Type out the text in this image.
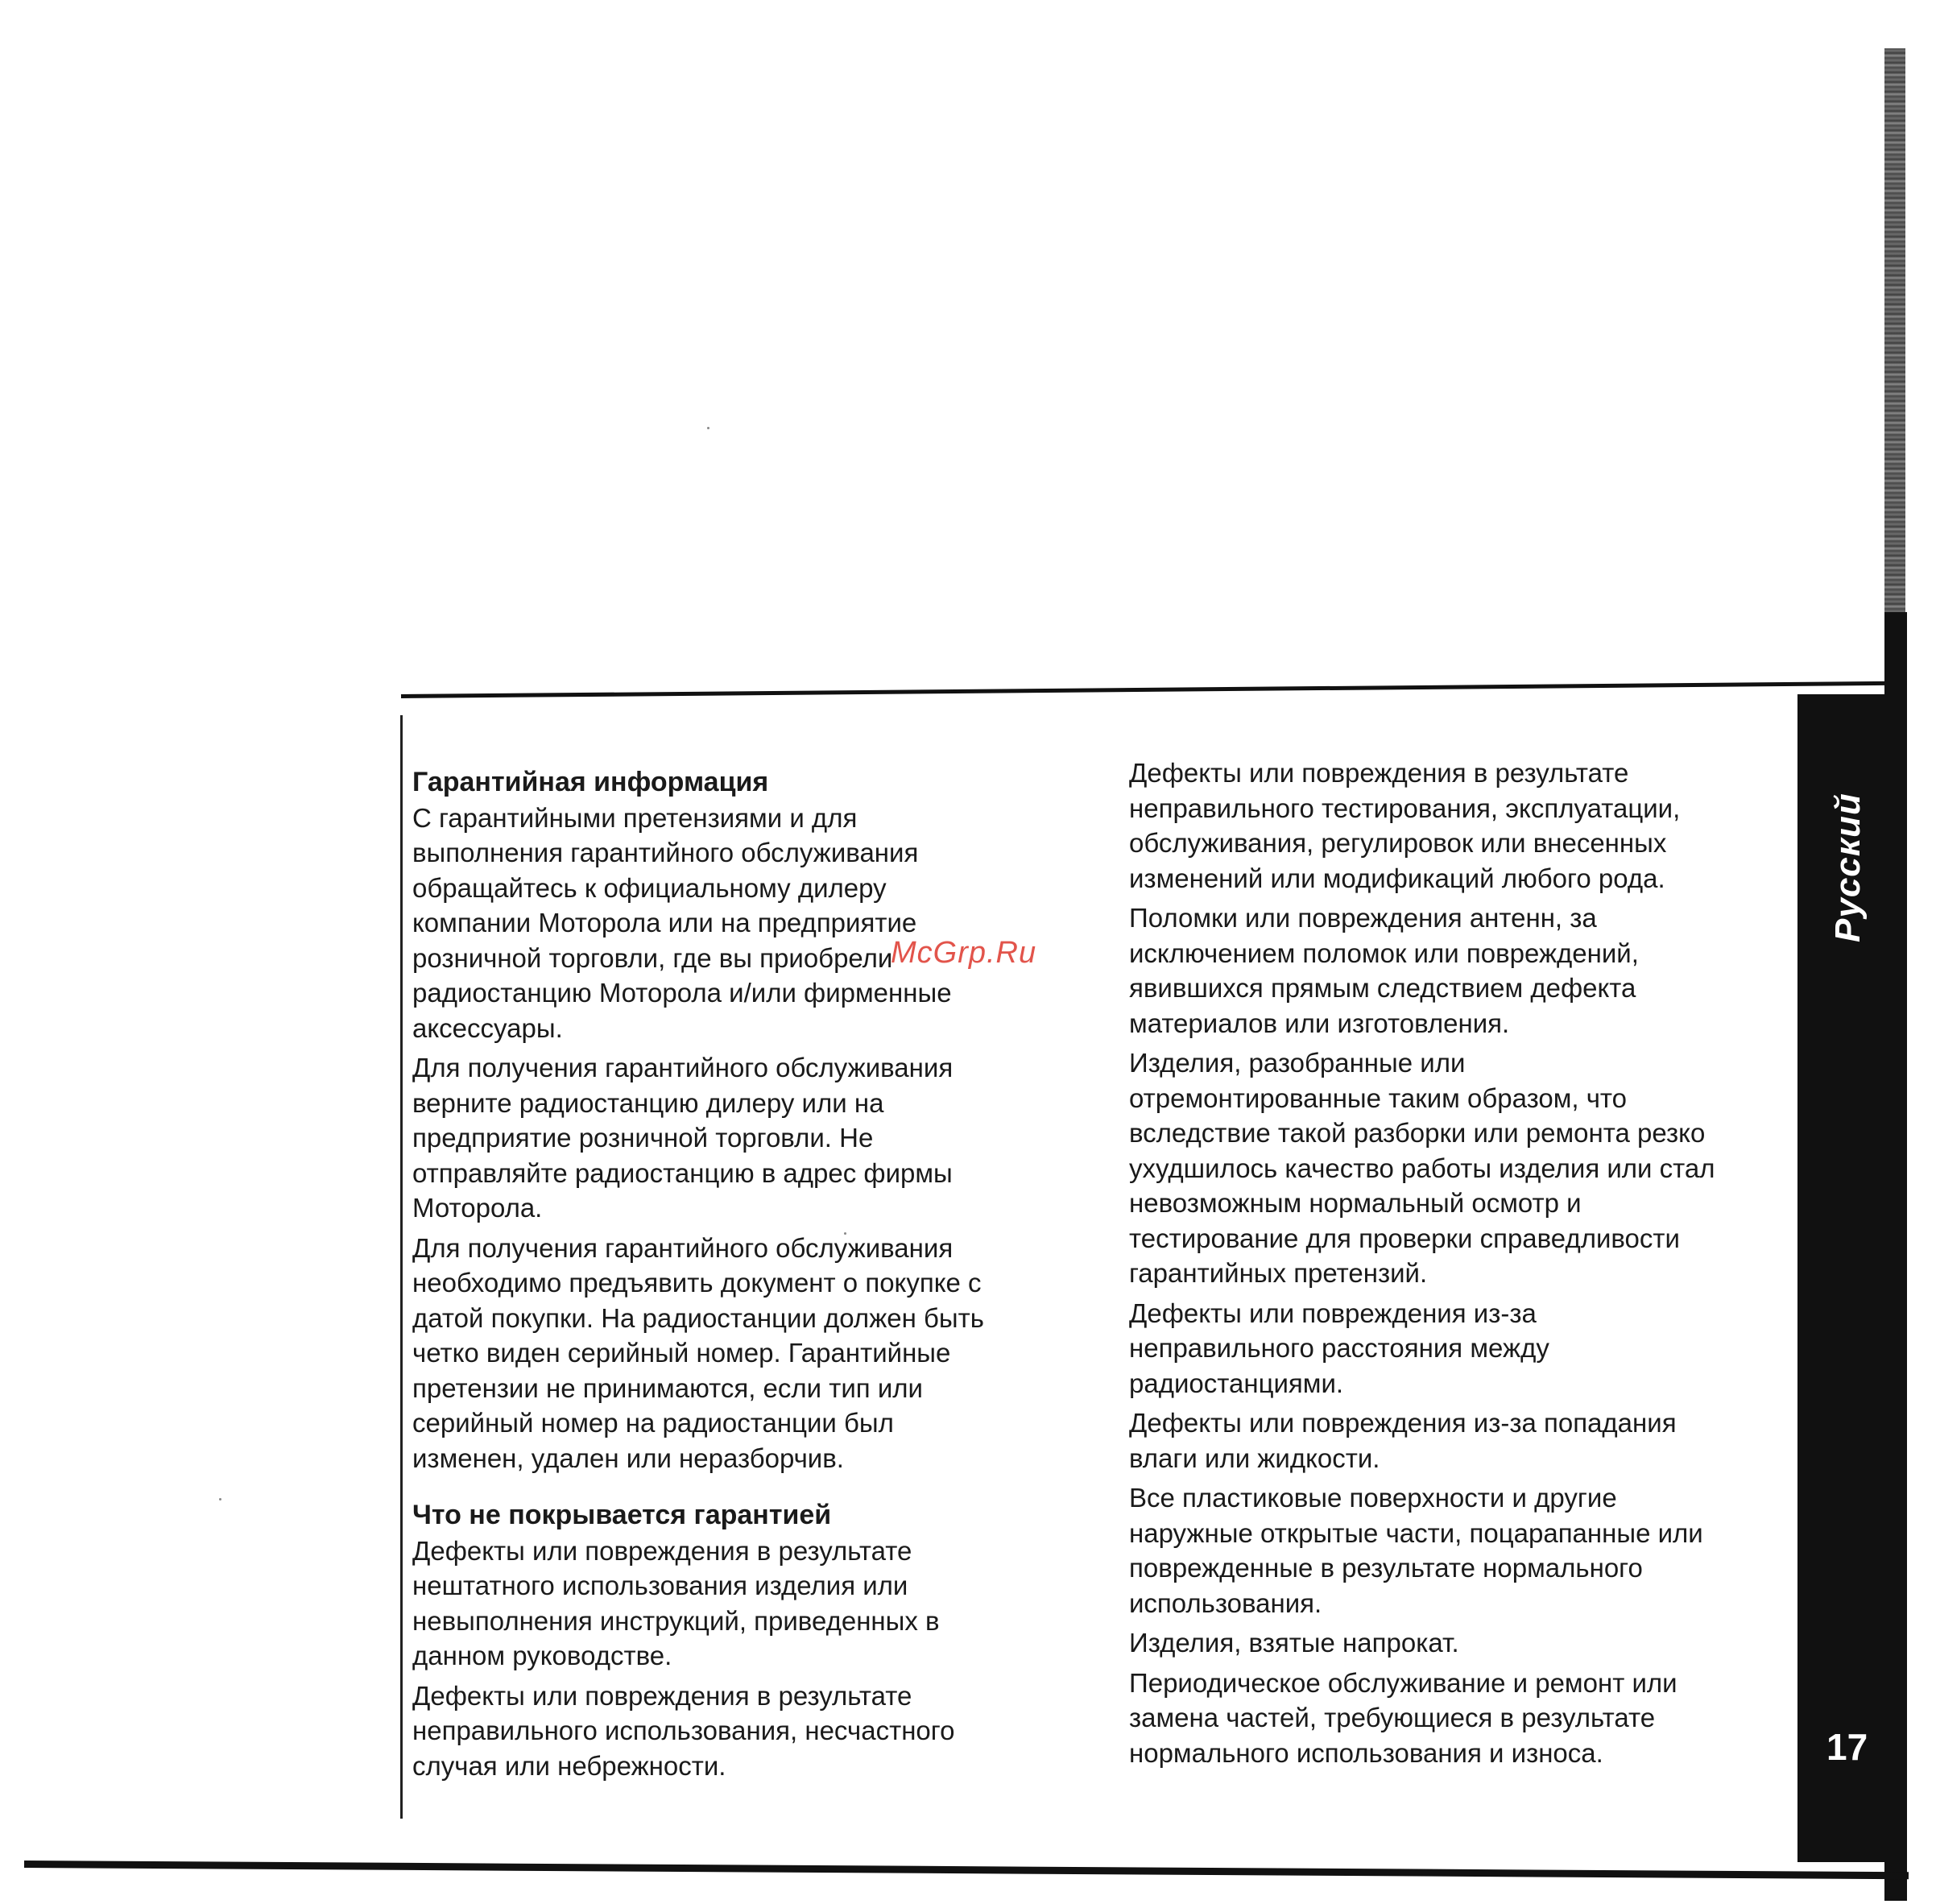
Русский
17

Гарантийная информация

С гарантийными претензиями и для
выполнения гарантийного обслуживания
обращайтесь к официальному дилеру
компании Моторола или на предприятие
розничной торговли, где вы приобрели
радиостанцию Моторола и/или фирменные
аксессуары.

Для получения гарантийного обслуживания
верните радиостанцию дилеру или на
предприятие розничной торговли. Не
отправляйте радиостанцию в адрес фирмы
Моторола.

Для получения гарантийного обслуживания
необходимо предъявить документ о покупке с
датой покупки. На радиостанции должен быть
четко виден серийный номер. Гарантийные
претензии не принимаются, если тип или
серийный номер на радиостанции был
изменен, удален или неразборчив.

Что не покрывается гарантией

Дефекты или повреждения в результате
нештатного использования изделия или
невыполнения инструкций, приведенных в
данном руководстве.

Дефекты или повреждения в результате
неправильного использования, несчастного
случая или небрежности.

Дефекты или повреждения в результате
неправильного тестирования, эксплуатации,
обслуживания, регулировок или внесенных
изменений или модификаций любого рода.

Поломки или повреждения антенн, за
исключением поломок или повреждений,
явившихся прямым следствием дефекта
материалов или изготовления.

Изделия, разобранные или
отремонтированные таким образом, что
вследствие такой разборки или ремонта резко
ухудшилось качество работы изделия или стал
невозможным нормальный осмотр и
тестирование для проверки справедливости
гарантийных претензий.

Дефекты или повреждения из-за
неправильного расстояния между
радиостанциями.

Дефекты или повреждения из-за попадания
влаги или жидкости.

Все пластиковые поверхности и другие
наружные открытые части, поцарапанные или
поврежденные в результате нормального
использования.

Изделия, взятые напрокат.

Периодическое обслуживание и ремонт или
замена частей, требующиеся в результате
нормального использования и износа.

McGrp.Ru
